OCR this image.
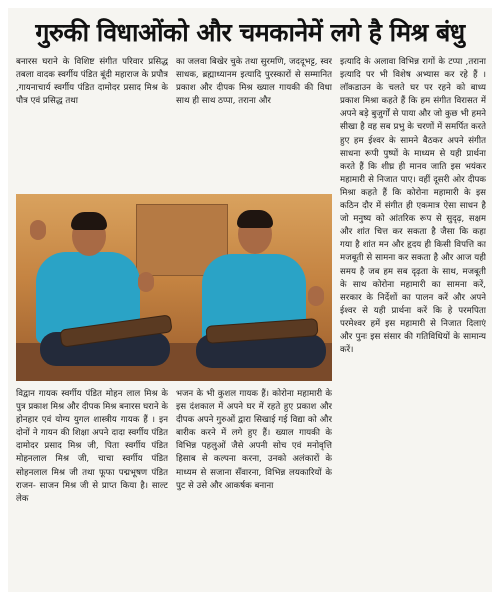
गुरुकी विधाओंको और चमकानेमें लगे है मिश्र बंधु
बनारस घराने के विशिष्ट संगीत परिवार प्रसिद्ध तबला वादक स्वर्गीय पंडित बूंदी महाराज के प्रपौत्र ,गायनाचार्य स्वर्गीय पंडित दामोदर प्रसाद मिश्र के पौत्र एवं प्रसिद्ध तथा
का जलवा बिखेर चुके तथा सुरमणि, जददूभट्ट, स्वर साधक, ब्रह्माध्यानम इत्यादि पुरस्कारों से सम्मानित प्रकाश और दीपक मिश्र ख्याल गायकी की विधा साथ ही साथ ठप्पा, तराना और
इत्यादि के अलावा विभिन्न रागों के टप्पा ,तराना इत्यादि पर भी विशेष अभ्यास कर रहे हैं । लॉकडाउन के चलते घर पर रहने को बाध्य प्रकाश मिश्रा कहते हैं कि हम संगीत विरासत में अपने बड़े बुजुर्गों से पाया और जो कुछ भी हमने सीखा है वह सब प्रभु के चरणों में समर्पित करते हुए हम ईश्वर के सामने बैठकर अपने संगीत साधना रूपी पुष्पों के माध्यम से यही प्रार्थना करते हैं कि शीघ्र ही मानव जाति इस भयंकर महामारी से निजात पाए। वहीं दूसरी ओर दीपक मिश्रा कहते हैं कि कोरोना महामारी के इस कठिन दौर में संगीत ही एकमात्र ऐसा साधन है जो मनुष्य को आंतरिक रूप से सुदृढ़, सक्षम और शांत चित्त कर सकता है जैसा कि कहा गया है शांत मन और हृदय ही किसी विपत्ति का मजबूती से सामना कर सकता है और आज यही समय है जब हम सब दृढ़ता के साथ, मजबूती के साथ कोरोना महामारी का सामना करें, सरकार के निर्देशों का पालन करें और अपने ईश्वर से यही प्रार्थना करें कि हे परमपिता परमेश्वर हमें इस महामारी से निजात दिलाएं और पुनः इस संसार की गतिविधियों के सामान्य करें।
विद्वान गायक स्वर्गीय पंडित मोहन लाल मिश्र के पुत्र प्रकाश मिश्र और दीपक मिश्र बनारस घराने के होनहार एवं योग्य युगल शास्त्रीय गायक हैं । इन दोनों ने गायन की शिक्षा अपने दादा स्वर्गीय पंडित दामोदर प्रसाद मिश्र जी, पिता स्वर्गीय पंडित मोहनलाल मिश्र जी, चाचा स्वर्गीय पंडित सोहनलाल मिश्र जी तथा फूफा पद्मभूषण पंडित राजन- साजन मिश्र जी से प्राप्त किया है। साल्ट लेक
भजन के भी कुशल गायक हैं। कोरोना महामारी के इस दंशकाल में अपने घर में रहते हुए प्रकाश और दीपक अपने गुरुओं द्वारा सिखाई गई विद्या को और बारीक करने में लगे हुए हैं। ख्याल गायकी के विभिन्न पहलुओं जैसे अपनी सोच एवं मनोवृत्ति हिसाब से कल्पना करना, उनको अलंकारों के माध्यम से सजाना सँवारना, विभिन्न लयकारियों के पुट से उसे और आकर्षक बनाना
